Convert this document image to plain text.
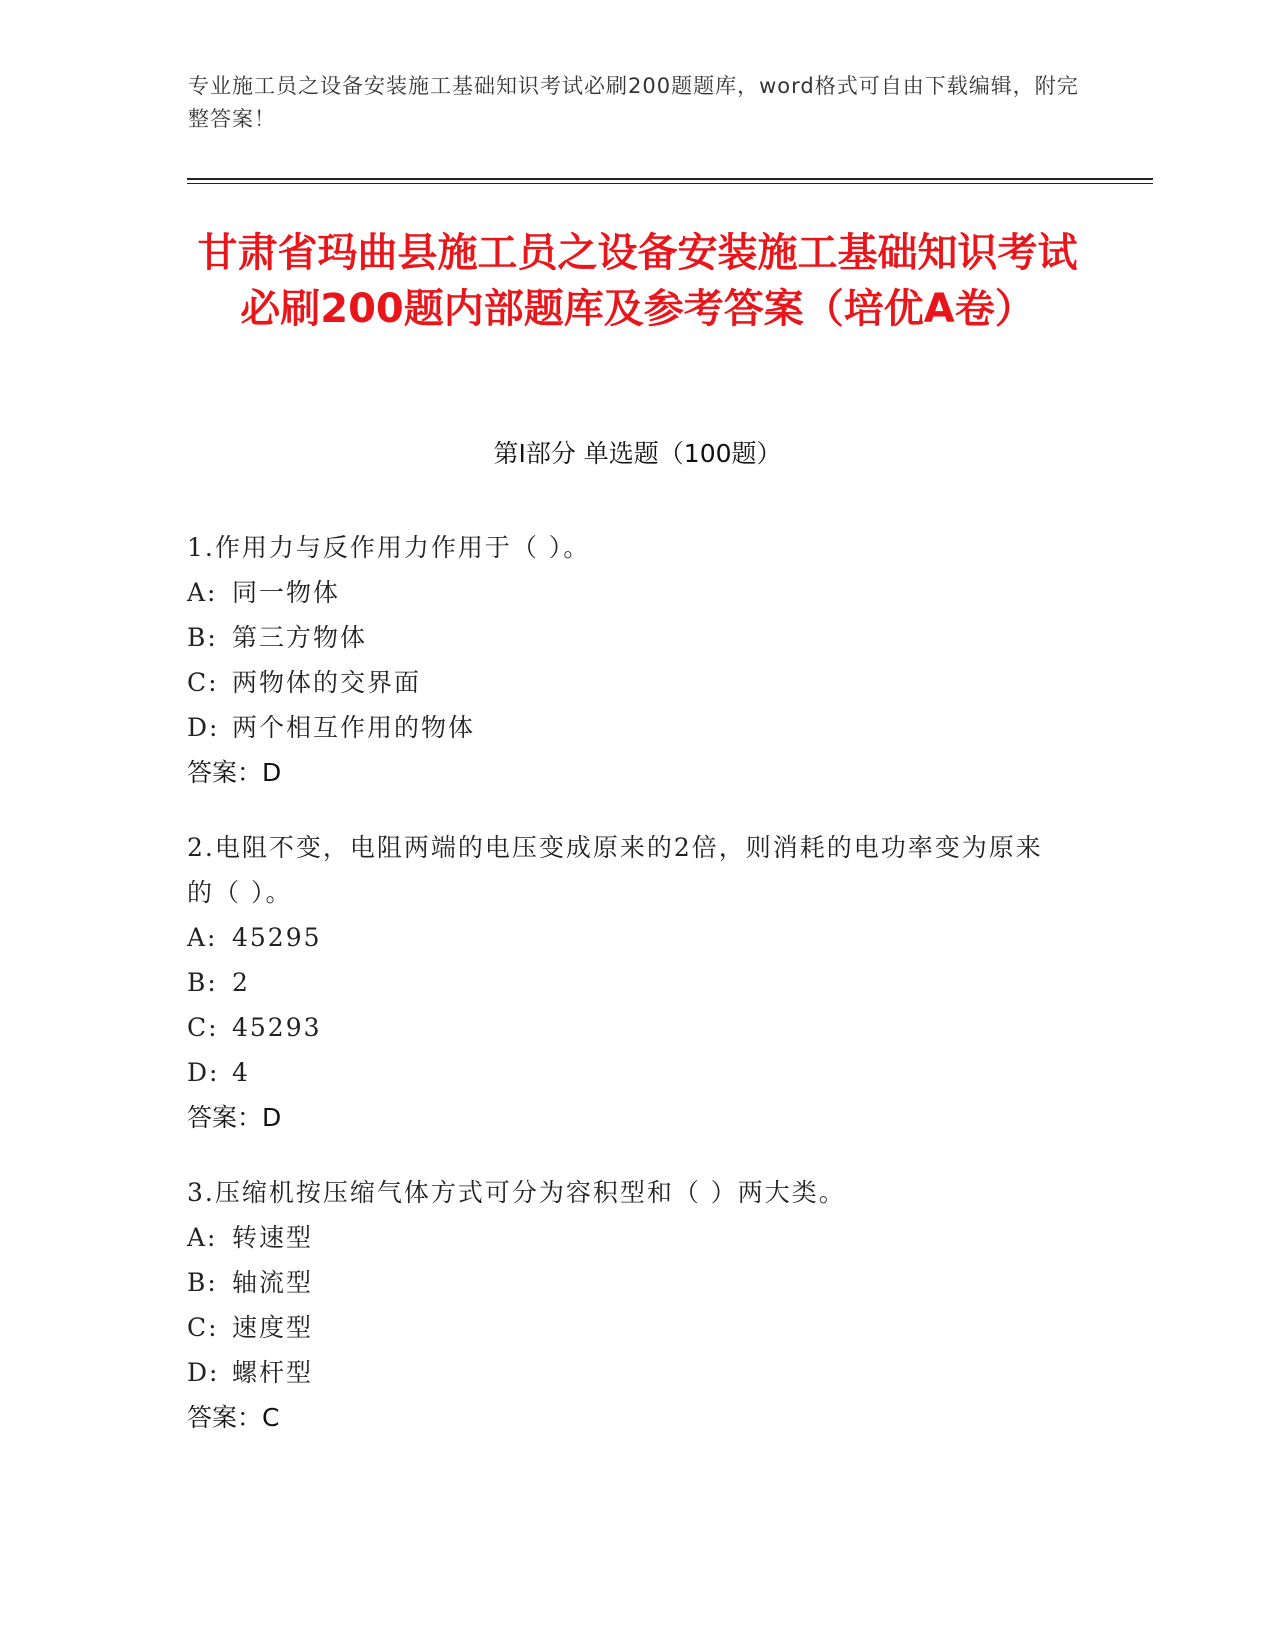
专业施工员之设备安装施工基础知识考试必刷200题题库，word格式可自由下载编辑，附完整答案！
甘肃省玛曲县施工员之设备安装施工基础知识考试必刷200题内部题库及参考答案（培优A卷）
第Ⅰ部分 单选题（100题）
1.作用力与反作用力作用于（ ）。
A: 同一物体
B: 第三方物体
C: 两物体的交界面
D: 两个相互作用的物体
答案：D
2.电阻不变，电阻两端的电压变成原来的2倍，则消耗的电功率变为原来的（ ）。
A: 45295
B: 2
C: 45293
D: 4
答案：D
3.压缩机按压缩气体方式可分为容积型和（ ）两大类。
A: 转速型
B: 轴流型
C: 速度型
D: 螺杆型
答案：C
